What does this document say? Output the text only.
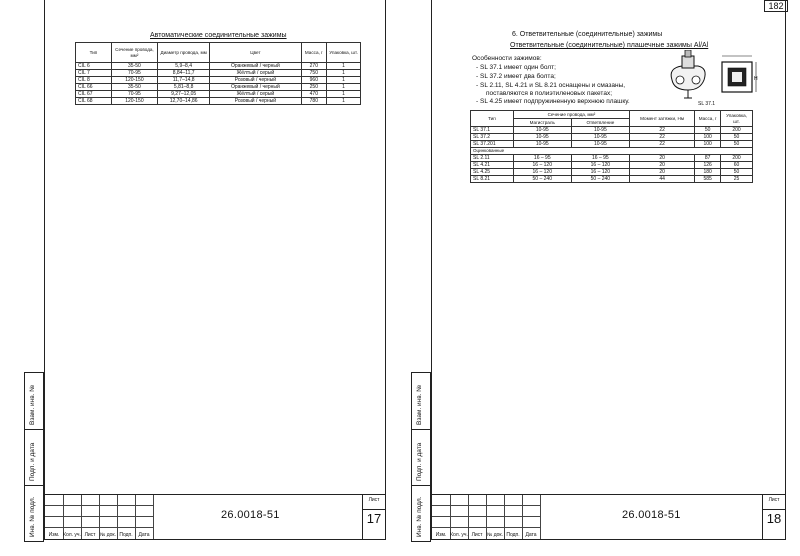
182
Автоматические соединительные зажимы
Тип	Сечение провода, мм²	Диаметр провода, мм	Цвет	Масса, г	Упаковка, шт.
CIL 6	35-50	5,9–8,4	Оранжевый / черный	270	1
CIL 7	70-95	8,84–11,7	Жёлтый / серый	750	1
CIL 8	120-150	11,7–14,8	Розовый / черный	960	1
CIL 66	35-50	5,81–8,8	Оранжевый / черный	250	1
CIL 67	70-95	9,27–12,05	Жёлтый / серый	470	1
CIL 68	120-150	12,70–14,86	Розовый / черный	780	1
Изм. Кол. уч. Лист № док. Подп.	Дата
26.0018-51
Лист
17
Взам. инв. №
Подп. и дата
Инв. № подл.
6. Ответвительные (соединительные) зажимы
Ответвительные (соединительные) плашечные зажимы Al/Al
Особенности зажимов:
- SL 37.1 имеет один болт;
- SL 37.2 имеет два болта;
- SL 2.11, SL 4.21 и SL 8.21 оснащены и смазаны,
поставляются в полиэтиленовых пакетах;
- SL 4.25 имеет подпружиненную верхнюю плашку.
H
SL 37.1
Тип	Сечение провода, мм²		Момент затяжки, Нм	Масса, г	Упаковка, шт.
	Магистраль	Ответвление			
SL 37.1	10-95	10-95	22	50	200
SL 37.2	10-95	10-95	22	100	50
SL 37.201	10-95	10-95	22	100	50
Оцинкованные					
SL 2.11	16 – 95	16 – 95	20	87	200
SL 4.21	16 – 120	16 – 120	20	126	60
SL 4.25	16 – 120	16 – 120	20	180	50
SL 8.21	50 – 240	50 – 240	44	585	25
Изм. Кол. уч. Лист № док. Подп.	Дата
26.0018-51
Лист
18
Взам. инв. №
Подп. и дата
Инв. № подл.
